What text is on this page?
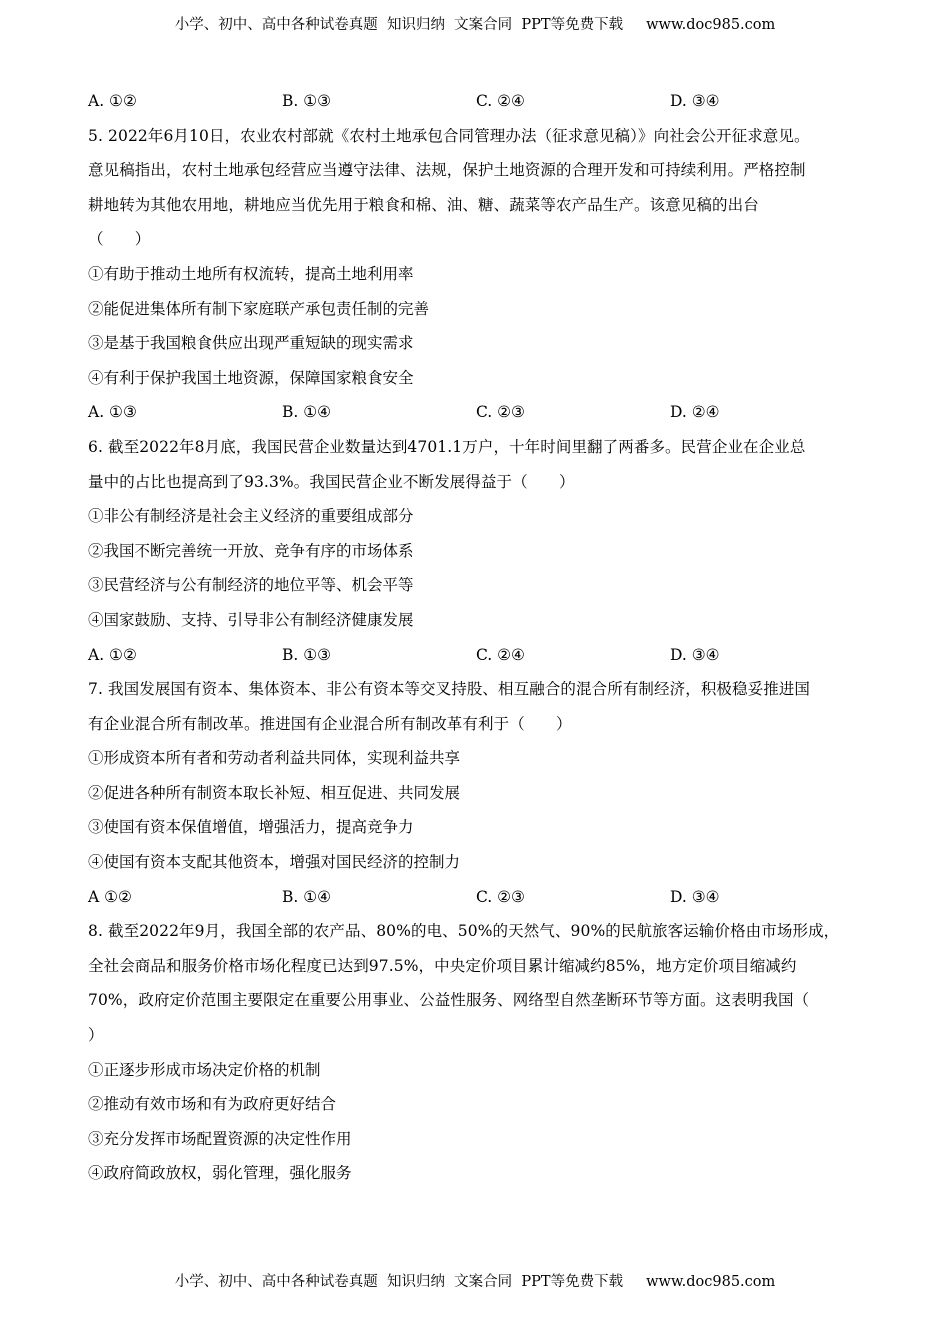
小学、初中、高中各种试卷真题  知识归纳  文案合同  PPT等免费下载     www.doc985.com
A. ①②	B. ①③	C. ②④	D. ③④
5. 2022年6月10日，农业农村部就《农村土地承包合同管理办法（征求意见稿）》向社会公开征求意见。
意见稿指出，农村土地承包经营应当遵守法律、法规，保护土地资源的合理开发和可持续利用。严格控制
耕地转为其他农用地，耕地应当优先用于粮食和棉、油、糖、蔬菜等农产品生产。该意见稿的出台
（　　）
①有助于推动土地所有权流转，提高土地利用率
②能促进集体所有制下家庭联产承包责任制的完善
③是基于我国粮食供应出现严重短缺的现实需求
④有利于保护我国土地资源，保障国家粮食安全
A. ①③	B. ①④	C. ②③	D. ②④
6. 截至2022年8月底，我国民营企业数量达到4701.1万户，十年时间里翻了两番多。民营企业在企业总
量中的占比也提高到了93.3%。我国民营企业不断发展得益于（　　）
①非公有制经济是社会主义经济的重要组成部分
②我国不断完善统一开放、竞争有序的市场体系
③民营经济与公有制经济的地位平等、机会平等
④国家鼓励、支持、引导非公有制经济健康发展
A. ①②	B. ①③	C. ②④	D. ③④
7. 我国发展国有资本、集体资本、非公有资本等交叉持股、相互融合的混合所有制经济，积极稳妥推进国
有企业混合所有制改革。推进国有企业混合所有制改革有利于（　　）
①形成资本所有者和劳动者利益共同体，实现利益共享
②促进各种所有制资本取长补短、相互促进、共同发展
③使国有资本保值增值，增强活力，提高竞争力
④使国有资本支配其他资本，增强对国民经济的控制力
A ①②	B. ①④	C. ②③	D. ③④
8. 截至2022年9月，我国全部的农产品、80%的电、50%的天然气、90%的民航旅客运输价格由市场形成，
全社会商品和服务价格市场化程度已达到97.5%，中央定价项目累计缩减约85%，地方定价项目缩减约
70%，政府定价范围主要限定在重要公用事业、公益性服务、网络型自然垄断环节等方面。这表明我国（
）
①正逐步形成市场决定价格的机制
②推动有效市场和有为政府更好结合
③充分发挥市场配置资源的决定性作用
④政府简政放权，弱化管理，强化服务
小学、初中、高中各种试卷真题  知识归纳  文案合同  PPT等免费下载     www.doc985.com
